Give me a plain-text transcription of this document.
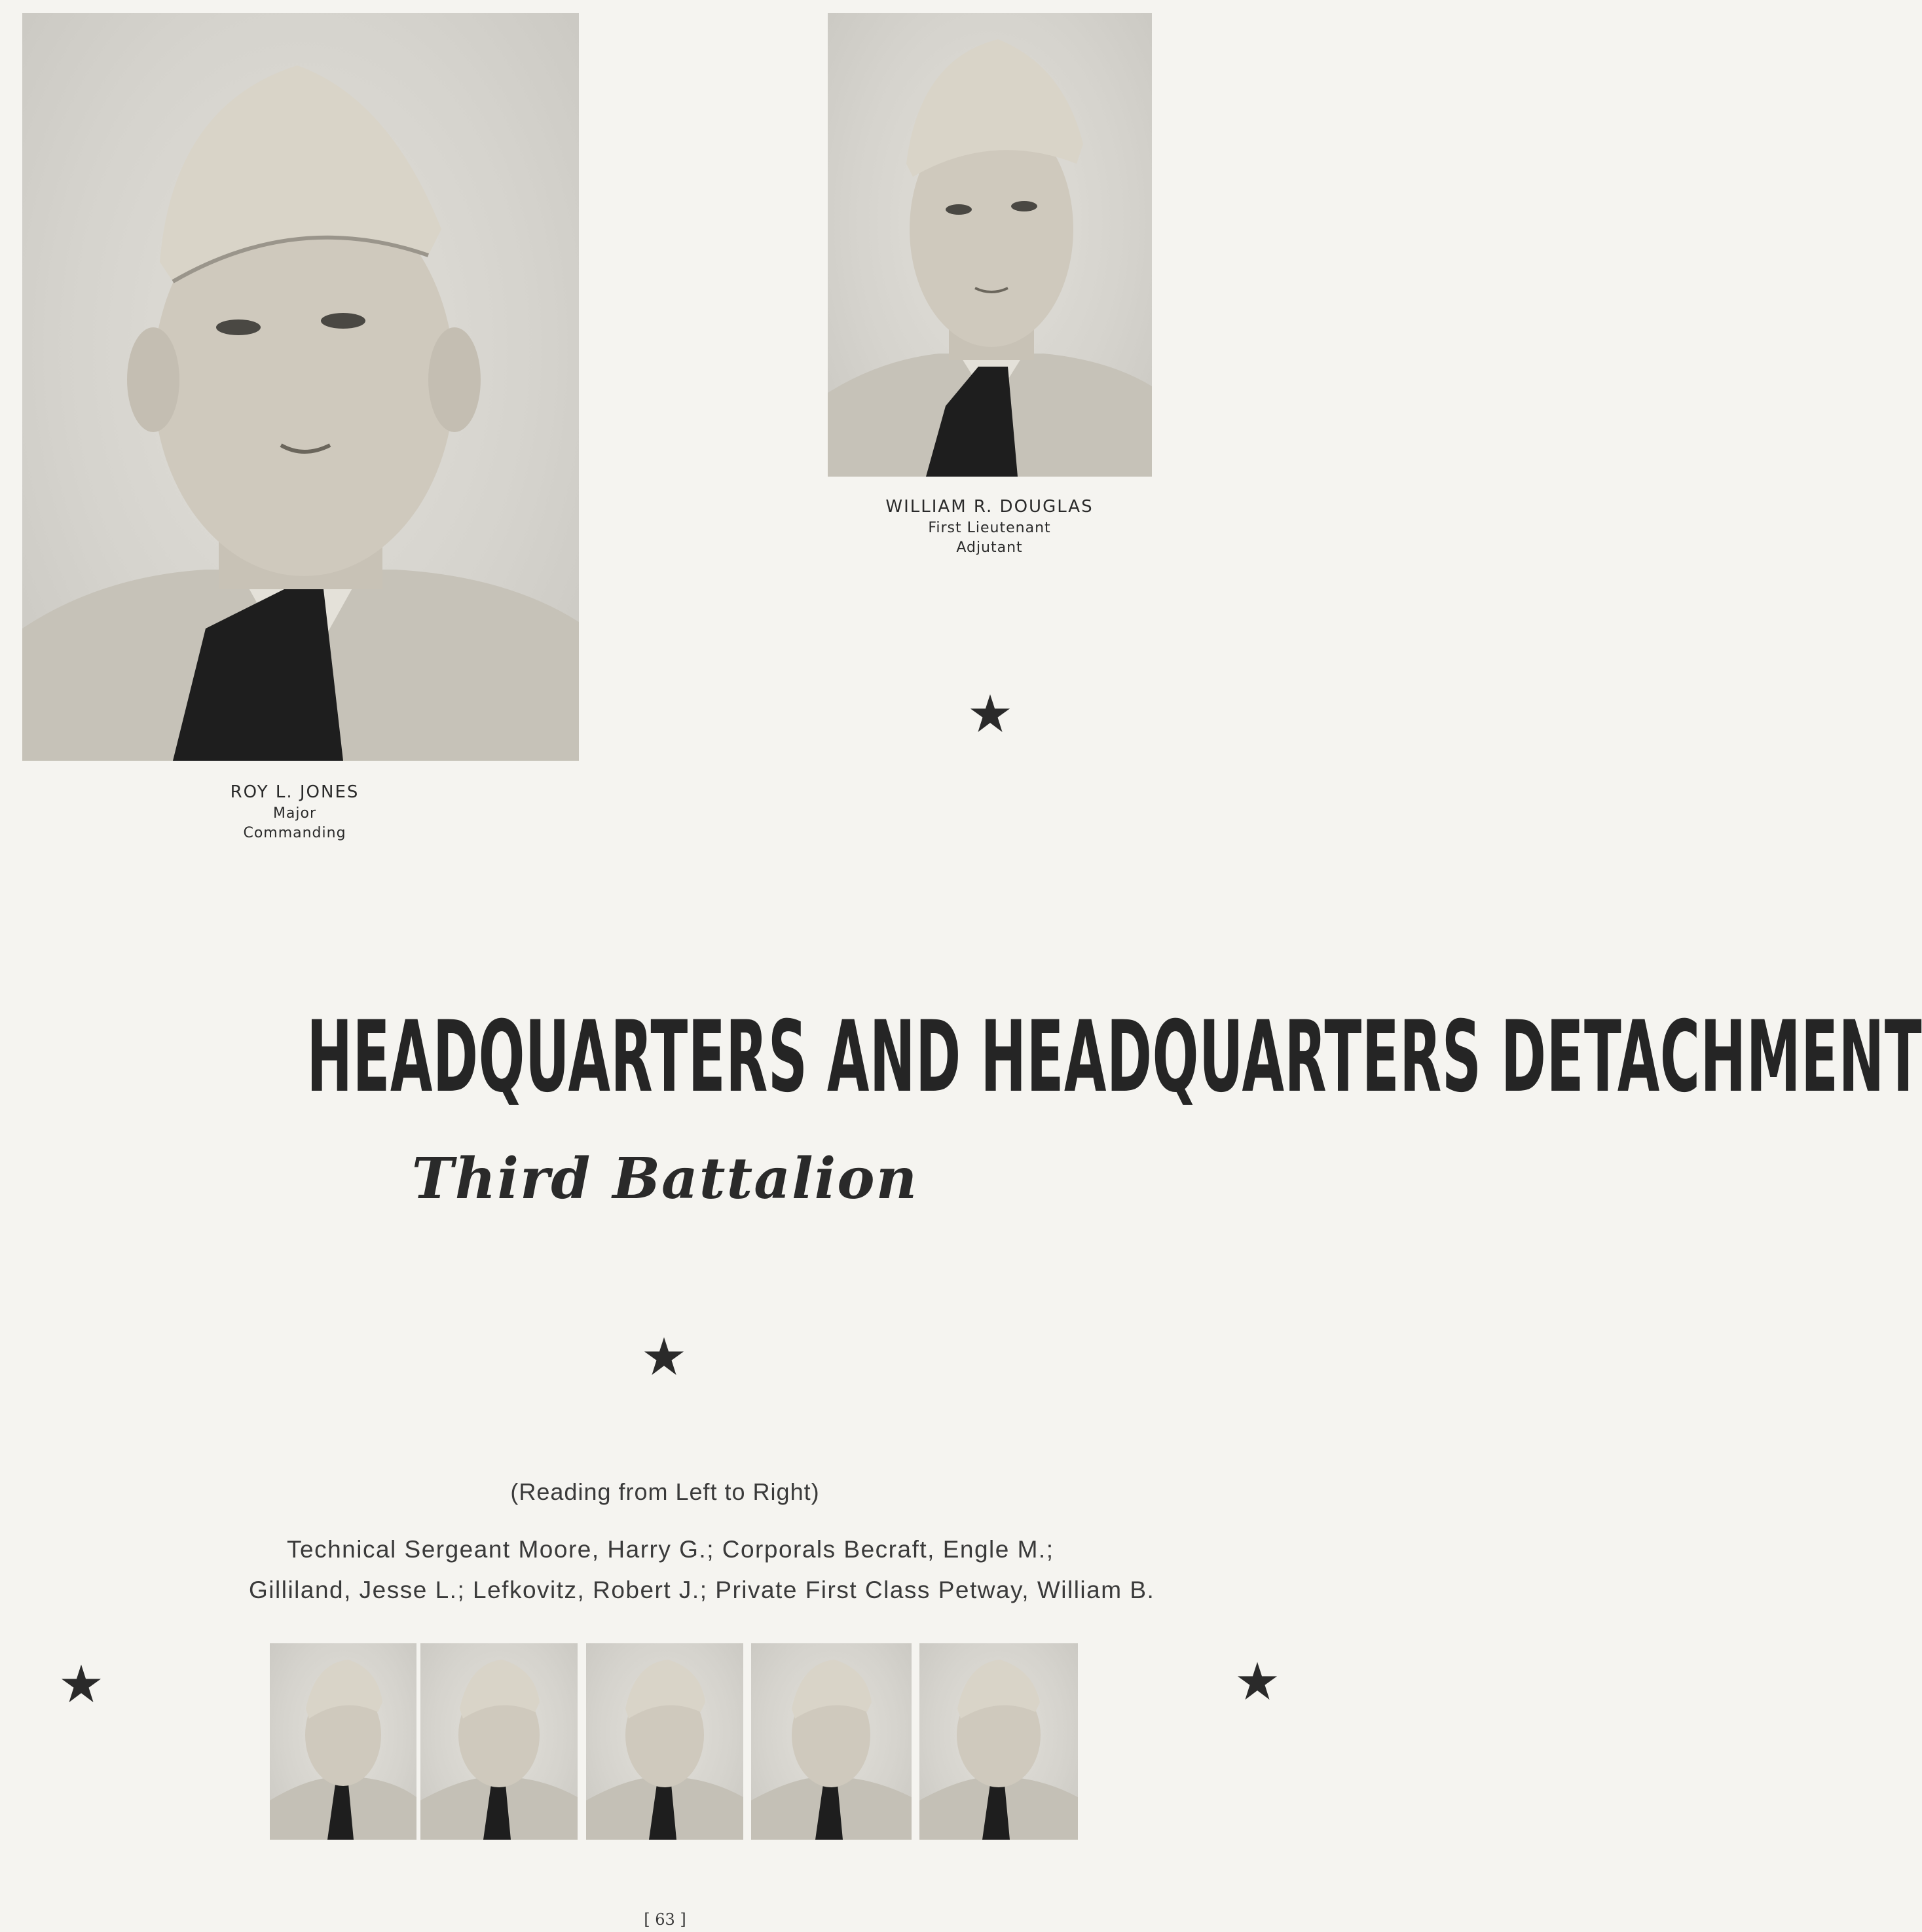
ROY L. JONES
Major
Commanding
WILLIAM R. DOUGLAS
First Lieutenant
Adjutant
HEADQUARTERS AND HEADQUARTERS DETACHMENT
Third Battalion
(Reading from Left to Right)
Technical Sergeant Moore, Harry G.; Corporals Becraft, Engle M.;
Gilliland, Jesse L.; Lefkovitz, Robert J.; Private First Class Petway, William B.
[ 63 ]
